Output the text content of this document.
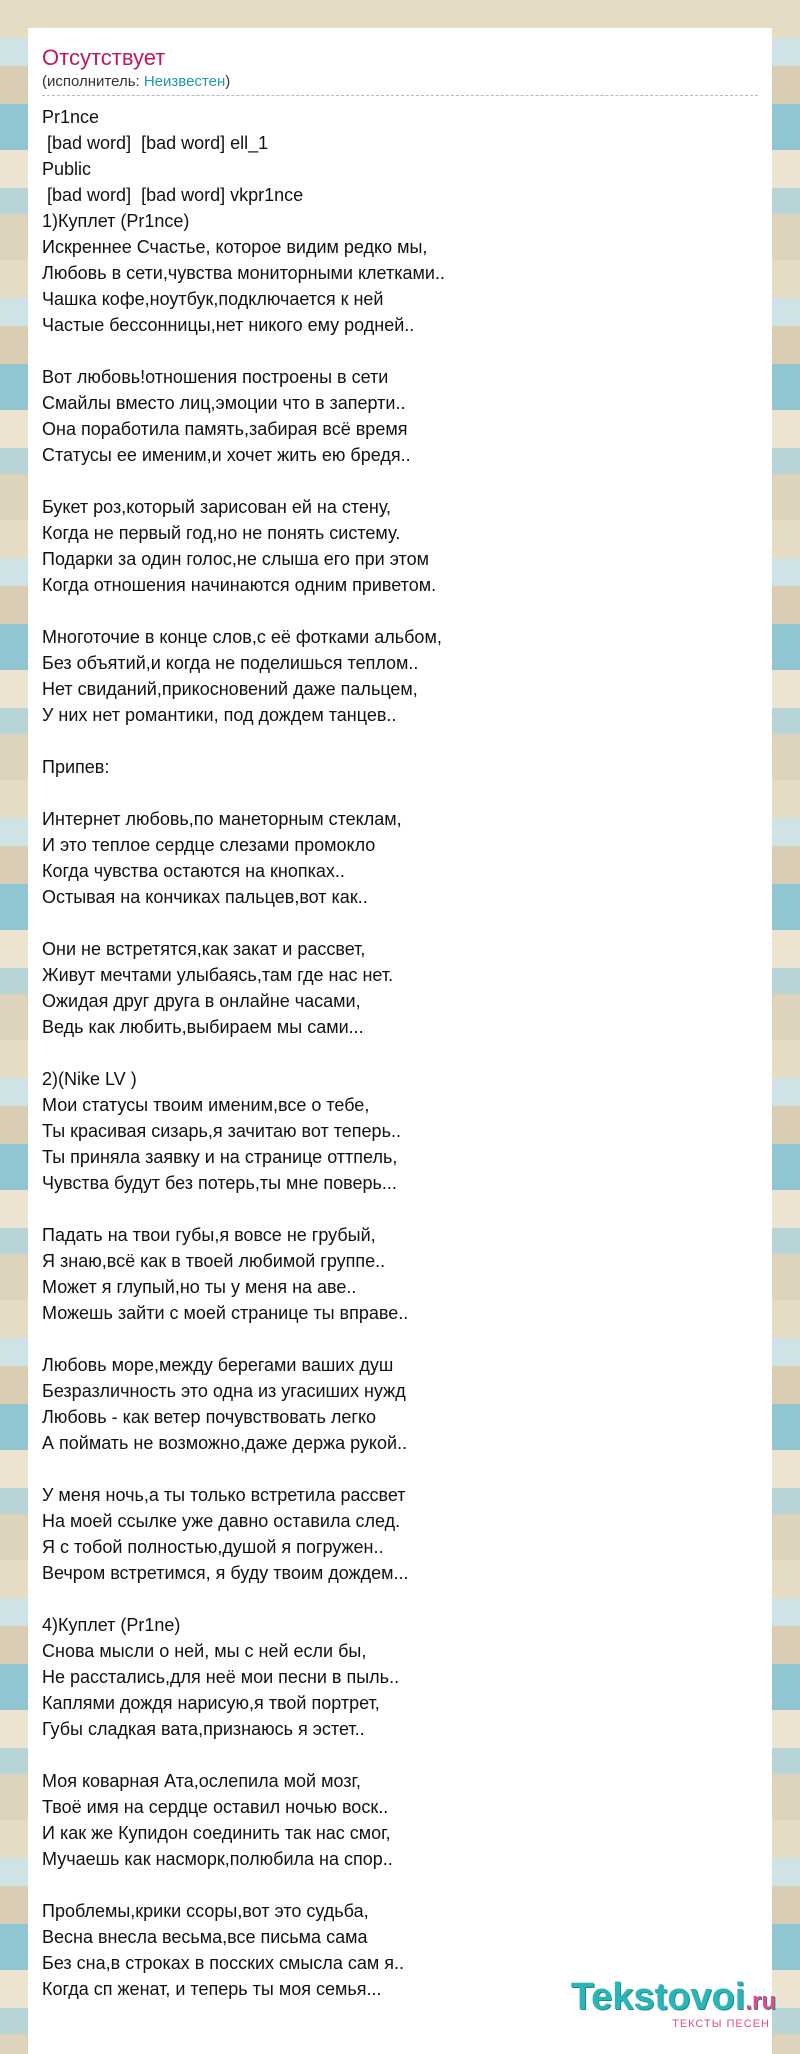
Отсутствует
(исполнитель: Неизвестен)
Pr1nce
[bad word]  [bad word] ell_1
Public
[bad word]  [bad word] vkpr1nce
1)Куплет (Pr1nce)
Искреннее Счастье, которое видим редко мы,
Любовь в сети,чувства мониторными клетками..
Чашка кофе,ноутбук,подключается к ней
Частые бессонницы,нет никого ему родней..

Вот любовь!отношения построены в сети
Смайлы вместо лиц,эмоции что в заперти..
Она поработила память,забирая всё время
Статусы ее именим,и хочет жить ею бредя..

Букет роз,который зарисован ей на стену,
Когда не первый год,но не понять систему.
Подарки за один голос,не слыша его при этом
Когда отношения начинаются одним приветом.

Многоточие в конце слов,с её фотками альбом,
Без объятий,и когда не поделишься теплом..
Нет свиданий,прикосновений даже пальцем,
У них нет романтики, под дождем танцев..

Припев:

Интернет любовь,по манеторным стеклам,
И это теплое сердце слезами промокло
Когда чувства остаются на кнопках..
Остывая на кончиках пальцев,вот как..

Они не встретятся,как закат и рассвет,
Живут мечтами улыбаясь,там где нас нет.
Ожидая друг друга в онлайне часами,
Ведь как любить,выбираем мы сами...

2)(Nike LV )
Мои статусы твоим именим,все о тебе,
Ты красивая сизарь,я зачитаю вот теперь..
Ты приняла заявку и на странице оттпель,
Чувства будут без потерь,ты мне поверь...

Падать на твои губы,я вовсе не грубый,
Я знаю,всё как в твоей любимой группе..
Может я глупый,но ты у меня на аве..
Можешь зайти с моей странице ты вправе..

Любовь море,между берегами ваших душ
Безразличность это одна из угасиших нужд
Любовь - как ветер почувствовать легко
А поймать не возможно,даже держа рукой..

У меня ночь,а ты только встретила рассвет
На моей ссылке уже давно оставила след.
Я с тобой полностью,душой я погружен..
Вечром встретимся, я буду твоим дождем...

4)Куплет (Pr1ne)
Снова мысли о ней, мы с ней если бы,
Не расстались,для неё мои песни в пыль..
Каплями дождя нарисую,я твой портрет,
Губы сладкая вата,признаюсь я эстет..

Моя коварная Ата,ослепила мой мозг,
Твоё имя на сердце оставил ночью воск..
И как же Купидон соединить так нас смог,
Мучаешь как насморк,полюбила на спор..

Проблемы,крики ссоры,вот это судьба,
Весна внесла весьма,все письма сама
Без сна,в строках в посских смысла сам я..
Когда сп женат, и теперь ты моя семья...	Tekstovoi.ru
ТЕКСТЫ ПЕСЕН
